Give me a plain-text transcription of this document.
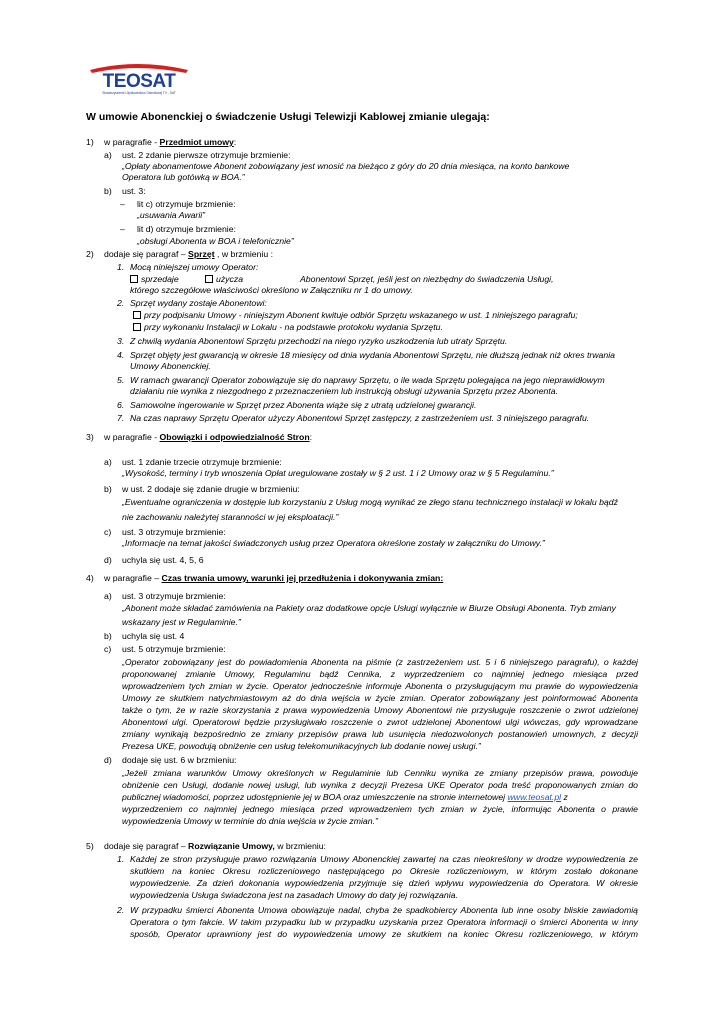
TEOSAT
Stowarzyszenie Użytkowników Osiedlowej TV - SAT
W umowie Abonenckiej o świadczenie Usługi Telewizji Kablowej zmianie ulegają:
1) w paragrafie - Przedmiot umowy:
a) ust. 2 zdanie pierwsze otrzymuje brzmienie:
„Opłaty abonamentowe Abonent zobowiązany jest wnosić na bieżąco z góry do 20 dnia miesiąca, na konto bankowe
Operatora lub gotówką w BOA.”
b) ust. 3:
– lit c) otrzymuje brzmienie:
„usuwania Awarii”
– lit d) otrzymuje brzmienie:
„obsługi Abonenta w BOA i telefonicznie”
2) dodaje się paragraf – Sprzęt , w brzmieniu :
1. Mocą niniejszej umowy Operator:
sprzedaje	użycza	Abonentowi Sprzęt, jeśli jest on niezbędny do świadczenia Usługi,
którego szczegółowe właściwości określono w Załączniku nr 1 do umowy.
2. Sprzęt wydany zostaje Abonentowi:
przy podpisaniu Umowy - niniejszym Abonent kwituje odbiór Sprzętu wskazanego w ust. 1 niniejszego paragrafu;
przy wykonaniu Instalacji w Lokalu - na podstawie protokołu wydania Sprzętu.
3. Z chwilą wydania Abonentowi Sprzętu przechodzi na niego ryzyko uszkodzenia lub utraty Sprzętu.
4. Sprzęt objęty jest gwarancją w okresie 18 miesięcy od dnia wydania Abonentowi Sprzętu, nie dłuższą jednak niż okres trwania
Umowy Abonenckiej.
5. W ramach gwarancji Operator zobowiązuje się do naprawy Sprzętu, o ile wada Sprzętu polegająca na jego nieprawidłowym
działaniu nie wynika z niezgodnego z przeznaczeniem lub instrukcją obsługi używania Sprzętu przez Abonenta.
6. Samowolne ingerowanie w Sprzęt przez Abonenta wiąże się z utratą udzielonej gwarancji.
7. Na czas naprawy Sprzętu Operator użyczy Abonentowi Sprzęt zastępczy, z zastrzeżeniem ust. 3 niniejszego paragrafu.
3) w paragrafie - Obowiązki i odpowiedzialność Stron:
a) ust. 1 zdanie trzecie otrzymuje brzmienie:
„Wysokość, terminy i tryb wnoszenia Opłat uregulowane zostały w § 2 ust. 1 i 2 Umowy oraz w § 5 Regulaminu.”
b) w ust. 2 dodaje się zdanie drugie w brzmieniu:
„Ewentualne ograniczenia w dostępie lub korzystaniu z Usług mogą wynikać ze złego stanu technicznego instalacji w lokalu bądź
nie zachowaniu należytej staranności w jej eksploatacji.”
c) ust. 3 otrzymuje brzmienie:
„Informacje na temat jakości świadczonych usług przez Operatora określone zostały w załączniku do Umowy.”
d) uchyla się ust. 4, 5, 6
4) w paragrafie – Czas trwania umowy, warunki jej przedłużenia i dokonywania zmian:
a) ust. 3 otrzymuje brzmienie:
„Abonent może składać zamówienia na Pakiety oraz dodatkowe opcje Usługi wyłącznie w Biurze Obsługi Abonenta. Tryb zmiany
wskazany jest w Regulaminie.”
b) uchyla się ust. 4
c) ust. 5 otrzymuje brzmienie:
„Operator zobowiązany jest do powiadomienia Abonenta na piśmie (z zastrzeżeniem ust. 5 i 6 niniejszego paragrafu), o każdej
proponowanej zmianie Umowy, Regulaminu bądź Cennika, z wyprzedzeniem co najmniej jednego miesiąca przed
wprowadzeniem tych zmian w życie. Operator jednocześnie informuje Abonenta o przysługującym mu prawie do wypowiedzenia
Umowy ze skutkiem natychmiastowym aż do dnia wejścia w życie zmian. Operator zobowiązany jest poinformować Abonenta
także o tym, że w razie skorzystania z prawa wypowiedzenia Umowy Abonentowi nie przysługuje roszczenie o zwrot udzielonej
Abonentowi ulgi. Operatorowi będzie przysługiwało roszczenie o zwrot udzielonej Abonentowi ulgi wówczas, gdy wprowadzane
zmiany wynikają bezpośrednio ze zmiany przepisów prawa lub usunięcia niedozwolonych postanowień umownych, z decyzji
Prezesa UKE, powodują obniżenie cen usług telekomunikacyjnych lub dodanie nowej usługi.”
d) dodaje się ust. 6 w brzmieniu:
„Jeżeli zmiana warunków Umowy określonych w Regulaminie lub Cenniku wynika ze zmiany przepisów prawa, powoduje
obniżenie cen Usługi, dodanie nowej usługi, lub wynika z decyzji Prezesa UKE Operator poda treść proponowanych zmian do
publicznej wiadomości, poprzez udostępnienie jej w BOA oraz umieszczenie na stronie internetowej www.teosat.pl z
wyprzedzeniem co najmniej jednego miesiąca przed wprowadzeniem tych zmian w życie, informując Abonenta o prawie
wypowiedzenia Umowy w terminie do dnia wejścia w życie zmian.”
5) dodaje się paragraf – Rozwiązanie Umowy, w brzmieniu:
1. Każdej ze stron przysługuje prawo rozwiązania Umowy Abonenckiej zawartej na czas nieokreślony w drodze wypowiedzenia ze
skutkiem na koniec Okresu rozliczeniowego następującego po Okresie rozliczeniowym, w którym zostało dokonane
wypowiedzenie. Za dzień dokonania wypowiedzenia przyjmuje się dzień wpływu wypowiedzenia do Operatora. W okresie
wypowiedzenia Usługa świadczona jest na zasadach Umowy do daty jej rozwiązania.
2. W przypadku śmierci Abonenta Umowa obowiązuje nadal, chyba że spadkobiercy Abonenta lub inne osoby bliskie zawiadomią
Operatora o tym fakcie. W takim przypadku lub w przypadku uzyskania przez Operatora informacji o śmierci Abonenta w inny
sposób, Operator uprawniony jest do wypowiedzenia umowy ze skutkiem na koniec Okresu rozliczeniowego, w którym
